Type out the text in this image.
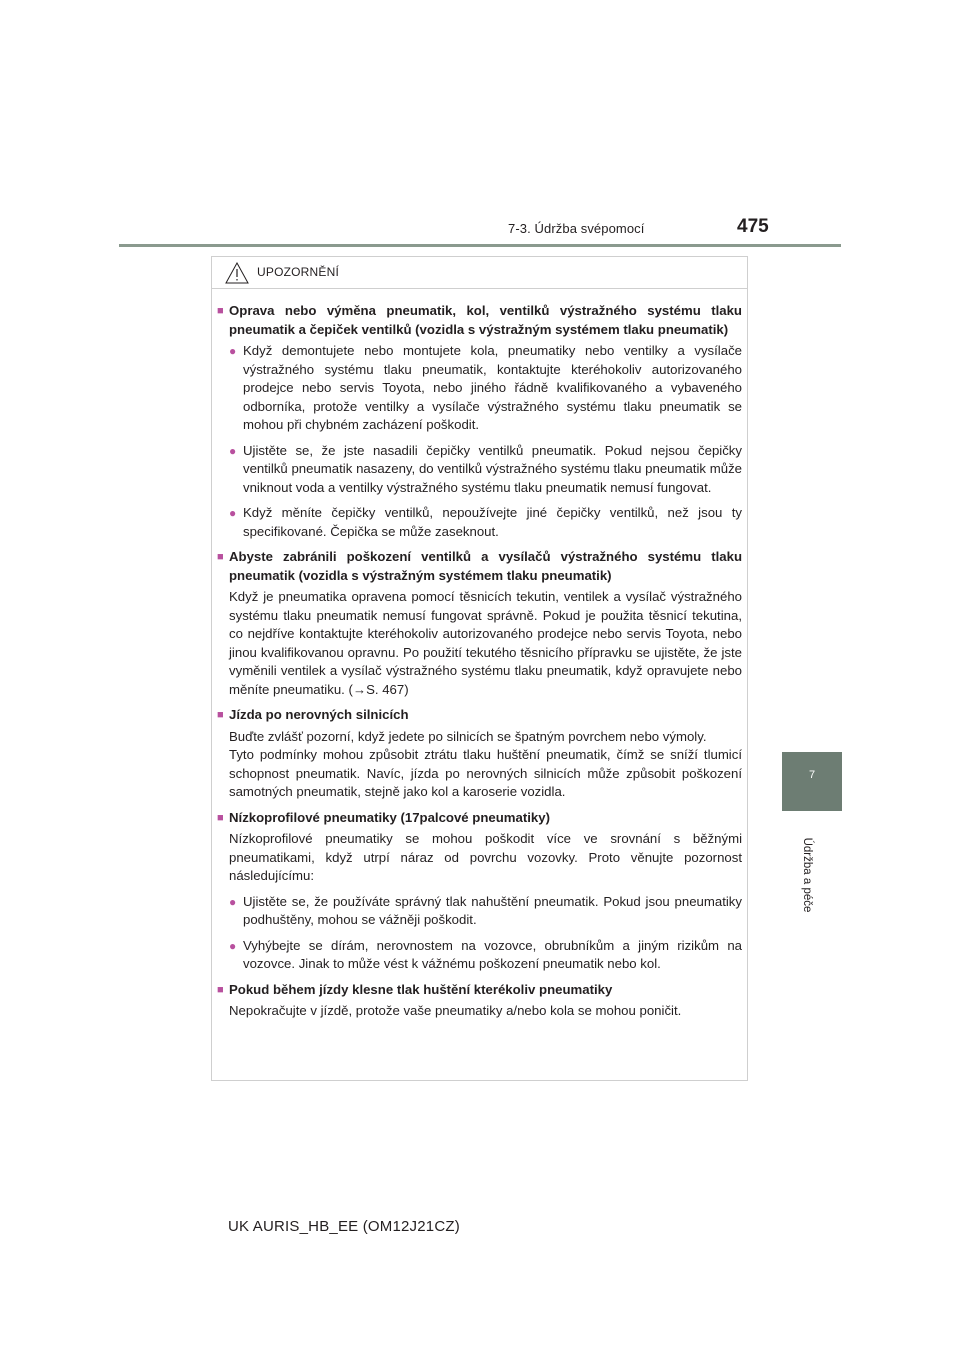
7-3. Údržba svépomocí	475
7
Údržba a péče
UPOZORNĚNÍ
■ Oprava nebo výměna pneumatik, kol, ventilků výstražného systému tlaku pneumatik a čepiček ventilků (vozidla s výstražným systémem tlaku pneumatik)
● Když demontujete nebo montujete kola, pneumatiky nebo ventilky a vysílače výstražného systému tlaku pneumatik, kontaktujte kteréhokoliv autorizovaného prodejce nebo servis Toyota, nebo jiného řádně kvalifikovaného a vybaveného odborníka, protože ventilky a vysílače výstražného systému tlaku pneumatik se mohou při chybném zacházení poškodit.
● Ujistěte se, že jste nasadili čepičky ventilků pneumatik. Pokud nejsou čepičky ventilků pneumatik nasazeny, do ventilků výstražného systému tlaku pneumatik může vniknout voda a ventilky výstražného systému tlaku pneumatik nemusí fungovat.
● Když měníte čepičky ventilků, nepoužívejte jiné čepičky ventilků, než jsou ty specifikované. Čepička se může zaseknout.
■ Abyste zabránili poškození ventilků a vysílačů výstražného systému tlaku pneumatik (vozidla s výstražným systémem tlaku pneumatik)
Když je pneumatika opravena pomocí těsnicích tekutin, ventilek a vysílač výstražného systému tlaku pneumatik nemusí fungovat správně. Pokud je použita těsnicí tekutina, co nejdříve kontaktujte kteréhokoliv autorizovaného prodejce nebo servis Toyota, nebo jinou kvalifikovanou opravnu. Po použití tekutého těsnicího přípravku se ujistěte, že jste vyměnili ventilek a vysílač výstražného systému tlaku pneumatik, když opravujete nebo měníte pneumatiku. (→S. 467)
■ Jízda po nerovných silnicích
Buďte zvlášť pozorní, když jedete po silnicích se špatným povrchem nebo výmoly.
Tyto podmínky mohou způsobit ztrátu tlaku huštění pneumatik, čímž se sníží tlumicí schopnost pneumatik. Navíc, jízda po nerovných silnicích může způsobit poškození samotných pneumatik, stejně jako kol a karoserie vozidla.
■ Nízkoprofilové pneumatiky (17palcové pneumatiky)
Nízkoprofilové pneumatiky se mohou poškodit více ve srovnání s běžnými pneumatikami, když utrpí náraz od povrchu vozovky. Proto věnujte pozornost následujícímu:
● Ujistěte se, že používáte správný tlak nahuštění pneumatik. Pokud jsou pneumatiky podhuštěny, mohou se vážněji poškodit.
● Vyhýbejte se dírám, nerovnostem na vozovce, obrubníkům a jiným rizikům na vozovce. Jinak to může vést k vážnému poškození pneumatik nebo kol.
■ Pokud během jízdy klesne tlak huštění kterékoliv pneumatiky
Nepokračujte v jízdě, protože vaše pneumatiky a/nebo kola se mohou poničit.
UK AURIS_HB_EE (OM12J21CZ)
